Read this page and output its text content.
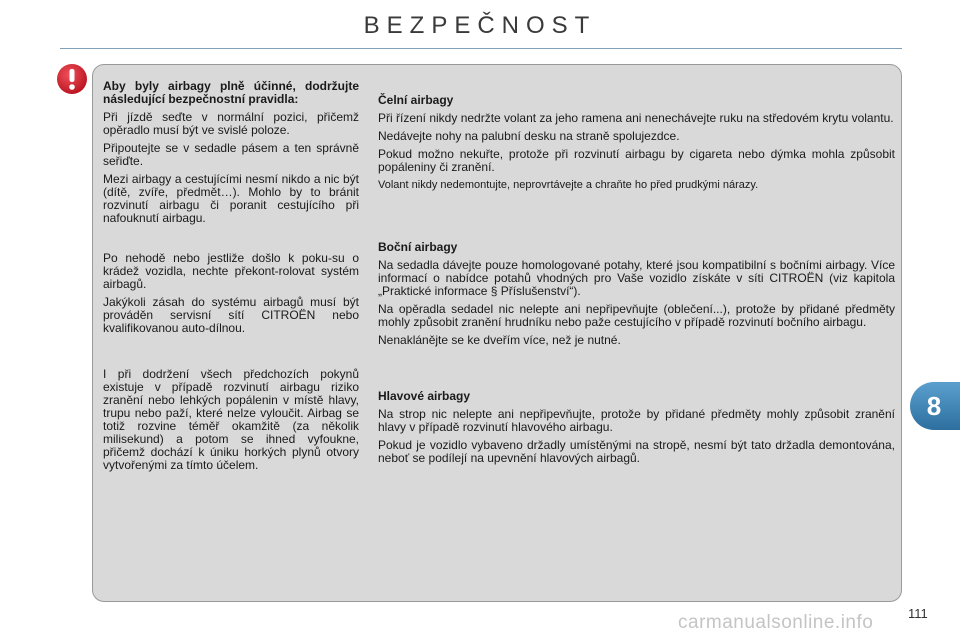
BEZPEČNOST

Aby byly airbagy plně účinné, dodržujte následující bezpečnostní pravidla:

Při jízdě seďte v normální pozici, přičemž opěradlo musí být ve svislé poloze.

Připoutejte se v sedadle pásem a ten správně seřiďte.

Mezi airbagy a cestujícími nesmí nikdo a nic být (dítě, zvíře, předmět…). Mohlo by to bránit rozvinutí airbagu či poranit cestujícího při nafouknutí airbagu.

Po nehodě nebo jestliže došlo k poku-su o krádež vozidla, nechte překont-rolovat systém airbagů.

Jakýkoli zásah do systému airbagů musí být prováděn servisní sítí CITROËN nebo kvalifikovanou auto-dílnou.

I při dodržení všech předchozích pokynů existuje v případě rozvinutí airbagu riziko zranění nebo lehkých popálenin v místě hlavy, trupu nebo paží, které nelze vyloučit. Airbag se totiž rozvine téměř okamžitě (za několik milisekund) a potom se ihned vyfoukne, přičemž dochází k úniku horkých plynů otvory vytvořenými za tímto účelem.

Čelní airbagy

Při řízení nikdy nedržte volant za jeho ramena ani nenechávejte ruku na středovém krytu volantu.

Nedávejte nohy na palubní desku na straně spolujezdce.

Pokud možno nekuřte, protože při rozvinutí airbagu by cigareta nebo dýmka mohla způsobit popáleniny či zranění.

Volant nikdy nedemontujte, neprovrtávejte a chraňte ho před prudkými nárazy.

Boční airbagy

Na sedadla dávejte pouze homologované potahy, které jsou kompatibilní s bočními airbagy. Více informací o nabídce potahů vhodných pro Vaše vozidlo získáte v síti CITROËN (viz kapitola „Praktické informace § Příslušenství“).

Na opěradla sedadel nic nelepte ani nepřipevňujte (oblečení...), protože by přidané předměty mohly způsobit zranění hrudníku nebo paže cestujícího v případě rozvinutí bočního airbagu.

Nenaklánějte se ke dveřím více, než je nutné.

Hlavové airbagy

Na strop nic nelepte ani nepřipevňujte, protože by přidané předměty mohly způsobit zranění hlavy v případě rozvinutí hlavového airbagu.

Pokud je vozidlo vybaveno držadly umístěnými na stropě, nesmí být tato držadla demontována, neboť se podílejí na upevnění hlavových airbagů.

8
111
carmanualsonline.info
